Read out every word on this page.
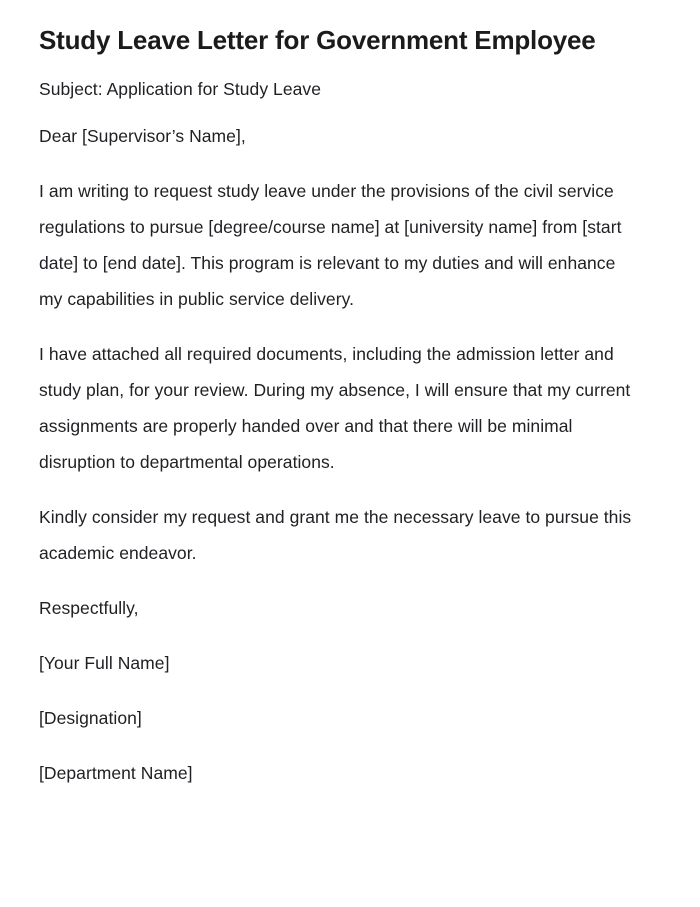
Study Leave Letter for Government Employee

Subject: Application for Study Leave

Dear [Supervisor’s Name],

I am writing to request study leave under the provisions of the civil service regulations to pursue [degree/course name] at [university name] from [start date] to [end date]. This program is relevant to my duties and will enhance my capabilities in public service delivery.

I have attached all required documents, including the admission letter and study plan, for your review. During my absence, I will ensure that my current assignments are properly handed over and that there will be minimal disruption to departmental operations.

Kindly consider my request and grant me the necessary leave to pursue this academic endeavor.

Respectfully,

[Your Full Name]

[Designation]

[Department Name]
